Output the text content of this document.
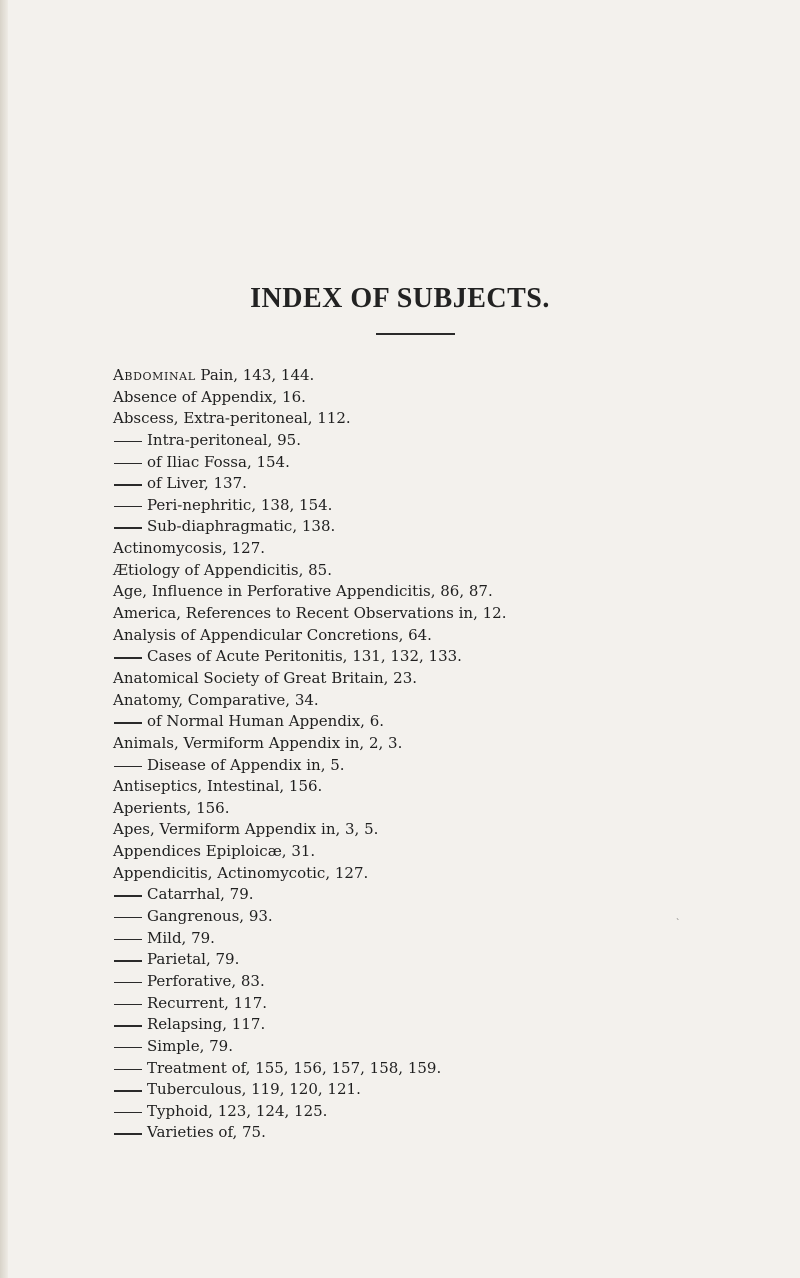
INDEX OF SUBJECTS.
Abdominal Pain, 143, 144.
Absence of Appendix, 16.
Abscess, Extra-peritoneal, 112.
Intra-peritoneal, 95.
of Iliac Fossa, 154.
of Liver, 137.
Peri-nephritic, 138, 154.
Sub-diaphragmatic, 138.
Actinomycosis, 127.
Ætiology of Appendicitis, 85.
Age, Influence in Perforative Appendicitis, 86, 87.
America, References to Recent Observations in, 12.
Analysis of Appendicular Concretions, 64.
Cases of Acute Peritonitis, 131, 132, 133.
Anatomical Society of Great Britain, 23.
Anatomy, Comparative, 34.
of Normal Human Appendix, 6.
Animals, Vermiform Appendix in, 2, 3.
Disease of Appendix in, 5.
Antiseptics, Intestinal, 156.
Aperients, 156.
Apes, Vermiform Appendix in, 3, 5.
Appendices Epiploicæ, 31.
Appendicitis, Actinomycotic, 127.
Catarrhal, 79.
Gangrenous, 93.
Mild, 79.
Parietal, 79.
Perforative, 83.
Recurrent, 117.
Relapsing, 117.
Simple, 79.
Treatment of, 155, 156, 157, 158, 159.
Tuberculous, 119, 120, 121.
Typhoid, 123, 124, 125.
Varieties of, 75.
˴
